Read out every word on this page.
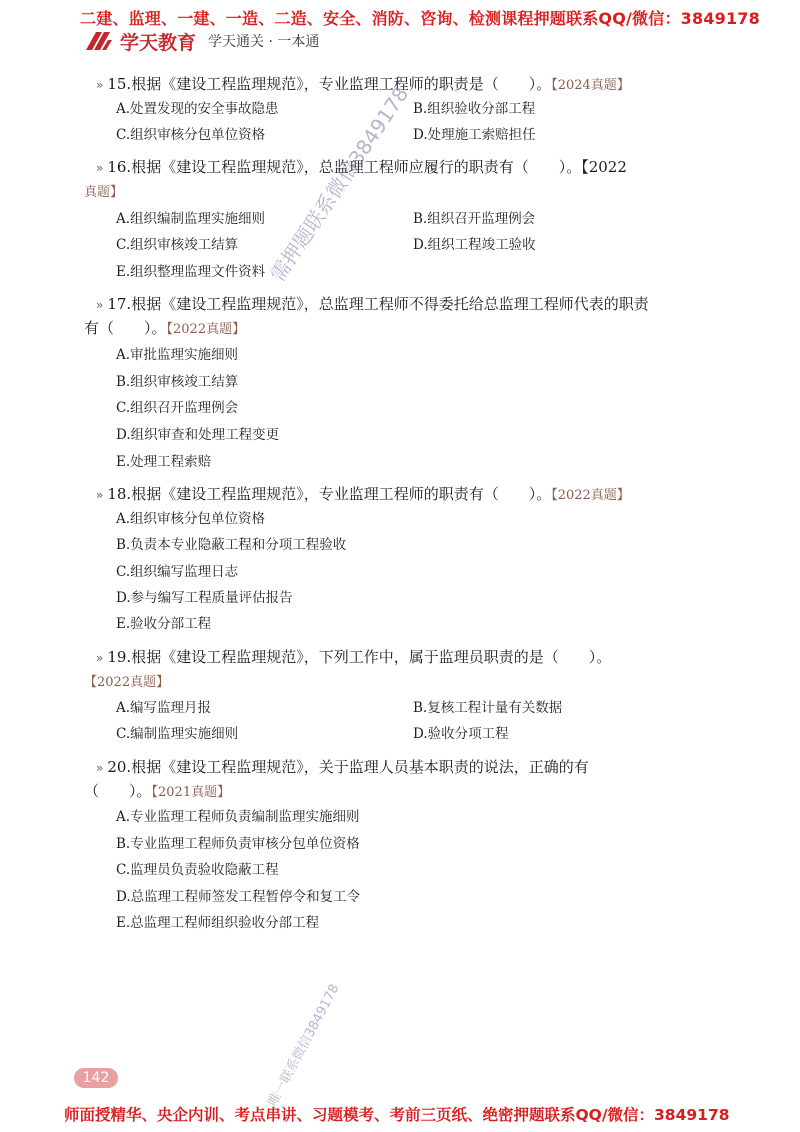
二建、监理、一建、一造、二造、安全、消防、咨询、检测课程押题联系QQ/微信：3849178
学天教育 学天通关 · 一本通
» 15.根据《建设工程监理规范》，专业监理工程师的职责是（　　）。【2024真题】
A.处置发现的安全事故隐患	B.组织验收分部工程
C.组织审核分包单位资格	D.处理施工索赔担任
» 16.根据《建设工程监理规范》，总监理工程师应履行的职责有（　　）。【2022
真题】
A.组织编制监理实施细则	B.组织召开监理例会
C.组织审核竣工结算	D.组织工程竣工验收
E.组织整理监理文件资料
» 17.根据《建设工程监理规范》，总监理工程师不得委托给总监理工程师代表的职责
有（　　）。【2022真题】
A.审批监理实施细则
B.组织审核竣工结算
C.组织召开监理例会
D.组织审查和处理工程变更
E.处理工程索赔
» 18.根据《建设工程监理规范》，专业监理工程师的职责有（　　）。【2022真题】
A.组织审核分包单位资格
B.负责本专业隐蔽工程和分项工程验收
C.组织编写监理日志
D.参与编写工程质量评估报告
E.验收分部工程
» 19.根据《建设工程监理规范》，下列工作中，属于监理员职责的是（　　）。
【2022真题】
A.编写监理月报	B.复核工程计量有关数据
C.编制监理实施细则	D.验收分项工程
» 20.根据《建设工程监理规范》，关于监理人员基本职责的说法，正确的有
（　　）。【2021真题】
A.专业监理工程师负责编制监理实施细则
B.专业监理工程师负责审核分包单位资格
C.监理员负责验收隐蔽工程
D.总监理工程师签发工程暂停令和复工令
E.总监理工程师组织验收分部工程
需押题联系微信3849178
唯一联系微信3849178
142
师面授精华、央企内训、考点串讲、习题模考、考前三页纸、绝密押题联系QQ/微信：3849178
